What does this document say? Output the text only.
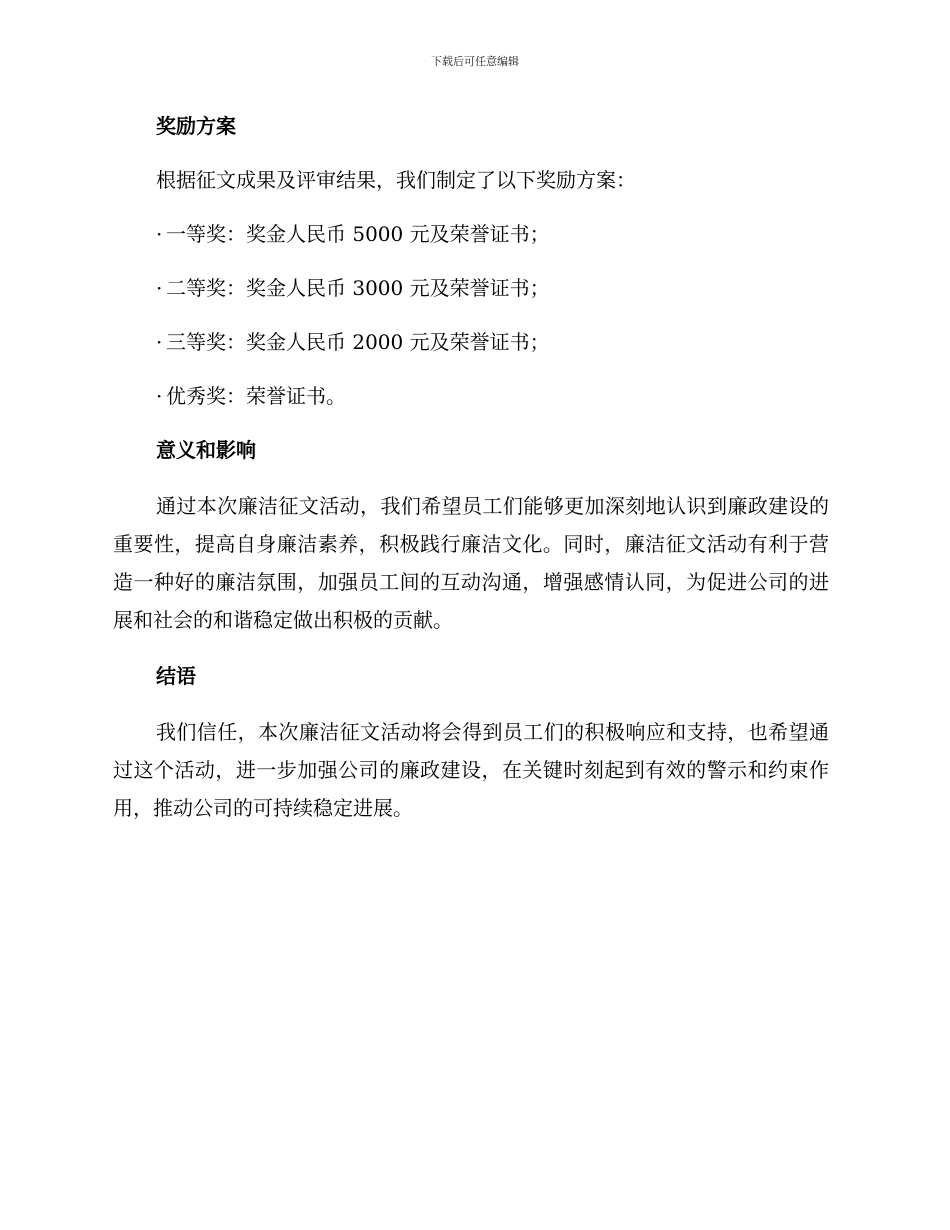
下载后可任意编辑
奖励方案

根据征文成果及评审结果，我们制定了以下奖励方案：

· 一等奖：奖金人民币 5000 元及荣誉证书；
· 二等奖：奖金人民币 3000 元及荣誉证书；
· 三等奖：奖金人民币 2000 元及荣誉证书；
· 优秀奖：荣誉证书。
意义和影响

通过本次廉洁征文活动，我们希望员工们能够更加深刻地认识到廉政建设的重要性，提高自身廉洁素养，积极践行廉洁文化。同时，廉洁征文活动有利于营造一种好的廉洁氛围，加强员工间的互动沟通，增强感情认同，为促进公司的进展和社会的和谐稳定做出积极的贡献。

结语

我们信任，本次廉洁征文活动将会得到员工们的积极响应和支持，也希望通过这个活动，进一步加强公司的廉政建设，在关键时刻起到有效的警示和约束作用，推动公司的可持续稳定进展。
